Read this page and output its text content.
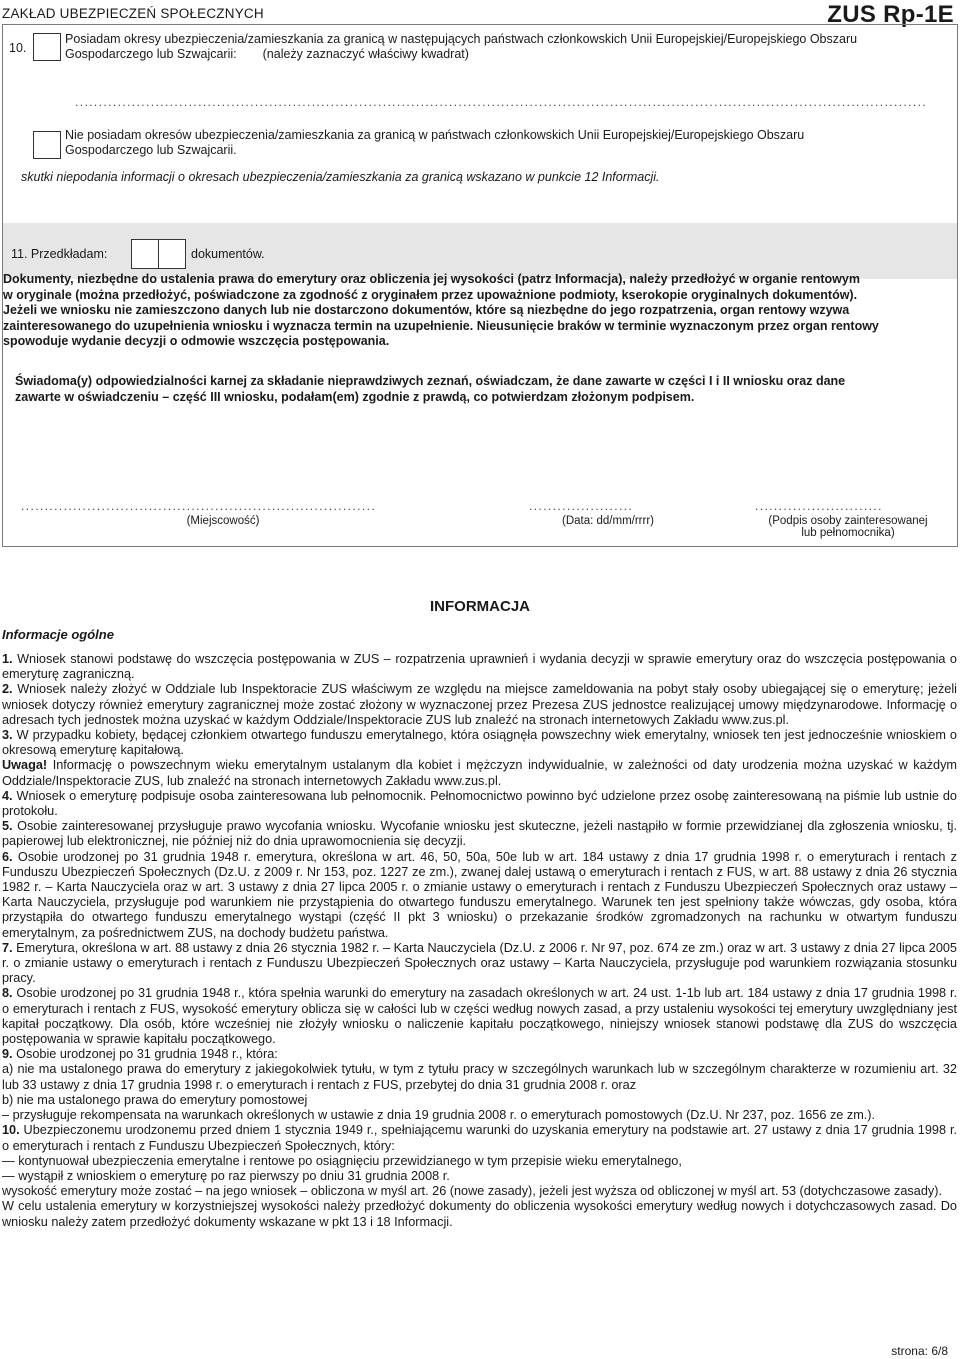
ZAKŁAD UBEZPIECZEŃ SPOŁECZNYCH	ZUS Rp-1E
10.
Posiadam okresy ubezpieczenia/zamieszkania za granicą w następujących państwach członkowskich Unii Europejskiej/Europejskiego Obszaru
Gospodarczego lub Szwajcarii: (należy zaznaczyć właściwy kwadrat)
....................................................................................................................................................................................
Nie posiadam okresów ubezpieczenia/zamieszkania za granicą w państwach członkowskich Unii Europejskiej/Europejskiego Obszaru
Gospodarczego lub Szwajcarii.
skutki niepodania informacji o okresach ubezpieczenia/zamieszkania za granicą wskazano w punkcie 12 Informacji.
11. Przedkładam:	dokumentów.
Dokumenty, niezbędne do ustalenia prawa do emerytury oraz obliczenia jej wysokości (patrz Informacja), należy przedłożyć w organie rentowym
w oryginale (można przedłożyć, poświadczone za zgodność z oryginałem przez upoważnione podmioty, kserokopie oryginalnych dokumentów).
Jeżeli we wniosku nie zamieszczono danych lub nie dostarczono dokumentów, które są niezbędne do jego rozpatrzenia, organ rentowy wzywa
zainteresowanego do uzupełnienia wniosku i wyznacza termin na uzupełnienie. Nieusunięcie braków w terminie wyznaczonym przez organ rentowy
spowoduje wydanie decyzji o odmowie wszczęcia postępowania.
Świadoma(y) odpowiedzialności karnej za składanie nieprawdziwych zeznań, oświadczam, że dane zawarte w części I i II wniosku oraz dane
zawarte w oświadczeniu – część III wniosku, podałam(em) zgodnie z prawdą, co potwierdzam złożonym podpisem.
...........................................................................
(Miejscowość)
......................
(Data: dd/mm/rrrr)
...........................
(Podpis osoby zainteresowanej
lub pełnomocnika)
INFORMACJA
Informacje ogólne

1. Wniosek stanowi podstawę do wszczęcia postępowania w ZUS – rozpatrzenia uprawnień i wydania decyzji w sprawie emerytury oraz do wszczęcia postępowania o emeryturę zagraniczną.

2. Wniosek należy złożyć w Oddziale lub Inspektoracie ZUS właściwym ze względu na miejsce zameldowania na pobyt stały osoby ubiegającej się o emeryturę; jeżeli wniosek dotyczy również emerytury zagranicznej może zostać złożony w wyznaczonej przez Prezesa ZUS jednostce realizującej umowy międzynarodowe. Informację o adresach tych jednostek można uzyskać w każdym Oddziale/Inspektoracie ZUS lub znaleźć na stronach internetowych Zakładu www.zus.pl.

3. W przypadku kobiety, będącej członkiem otwartego funduszu emerytalnego, która osiągnęła powszechny wiek emerytalny, wniosek ten jest jednocześnie wnioskiem o okresową emeryturę kapitałową.

Uwaga! Informację o powszechnym wieku emerytalnym ustalanym dla kobiet i mężczyzn indywidualnie, w zależności od daty urodzenia można uzyskać w każdym Oddziale/Inspektoracie ZUS, lub znaleźć na stronach internetowych Zakładu www.zus.pl.

4. Wniosek o emeryturę podpisuje osoba zainteresowana lub pełnomocnik. Pełnomocnictwo powinno być udzielone przez osobę zainteresowaną na piśmie lub ustnie do protokołu.

5. Osobie zainteresowanej przysługuje prawo wycofania wniosku. Wycofanie wniosku jest skuteczne, jeżeli nastąpiło w formie przewidzianej dla zgłoszenia wniosku, tj. papierowej lub elektronicznej, nie później niż do dnia uprawomocnienia się decyzji.

6. Osobie urodzonej po 31 grudnia 1948 r. emerytura, określona w art. 46, 50, 50a, 50e lub w art. 184 ustawy z dnia 17 grudnia 1998 r. o emeryturach i rentach z Funduszu Ubezpieczeń Społecznych (Dz.U. z 2009 r. Nr 153, poz. 1227 ze zm.), zwanej dalej ustawą o emeryturach i rentach z FUS, w art. 88 ustawy z dnia 26 stycznia 1982 r. – Karta Nauczyciela oraz w art. 3 ustawy z dnia 27 lipca 2005 r. o zmianie ustawy o emeryturach i rentach z Funduszu Ubezpieczeń Społecznych oraz ustawy – Karta Nauczyciela, przysługuje pod warunkiem nie przystąpienia do otwartego funduszu emerytalnego. Warunek ten jest spełniony także wówczas, gdy osoba, która przystąpiła do otwartego funduszu emerytalnego wystąpi (część II pkt 3 wniosku) o przekazanie środków zgromadzonych na rachunku w otwartym funduszu emerytalnym, za pośrednictwem ZUS, na dochody budżetu państwa.

7. Emerytura, określona w art. 88 ustawy z dnia 26 stycznia 1982 r. – Karta Nauczyciela (Dz.U. z 2006 r. Nr 97, poz. 674 ze zm.) oraz w art. 3 ustawy z dnia 27 lipca 2005 r. o zmianie ustawy o emeryturach i rentach z Funduszu Ubezpieczeń Społecznych oraz ustawy – Karta Nauczyciela, przysługuje pod warunkiem rozwiązania stosunku pracy.

8. Osobie urodzonej po 31 grudnia 1948 r., która spełnia warunki do emerytury na zasadach określonych w art. 24 ust. 1-1b lub art. 184 ustawy z dnia 17 grudnia 1998 r. o emeryturach i rentach z FUS, wysokość emerytury oblicza się w całości lub w części według nowych zasad, a przy ustaleniu wysokości tej emerytury uwzględniany jest kapitał początkowy. Dla osób, które wcześniej nie złożyły wniosku o naliczenie kapitału początkowego, niniejszy wniosek stanowi podstawę dla ZUS do wszczęcia postępowania w sprawie kapitału początkowego.

9. Osobie urodzonej po 31 grudnia 1948 r., która:

a) nie ma ustalonego prawa do emerytury z jakiegokolwiek tytułu, w tym z tytułu pracy w szczególnych warunkach lub w szczególnym charakterze w rozumieniu art. 32 lub 33 ustawy z dnia 17 grudnia 1998 r. o emeryturach i rentach z FUS, przebytej do dnia 31 grudnia 2008 r. oraz

b) nie ma ustalonego prawa do emerytury pomostowej

– przysługuje rekompensata na warunkach określonych w ustawie z dnia 19 grudnia 2008 r. o emeryturach pomostowych (Dz.U. Nr 237, poz. 1656 ze zm.).

10. Ubezpieczonemu urodzonemu przed dniem 1 stycznia 1949 r., spełniającemu warunki do uzyskania emerytury na podstawie art. 27 ustawy z dnia 17 grudnia 1998 r. o emeryturach i rentach z Funduszu Ubezpieczeń Społecznych, który:

— kontynuował ubezpieczenia emerytalne i rentowe po osiągnięciu przewidzianego w tym przepisie wieku emerytalnego,

— wystąpił z wnioskiem o emeryturę po raz pierwszy po dniu 31 grudnia 2008 r.

wysokość emerytury może zostać – na jego wniosek – obliczona w myśl art. 26 (nowe zasady), jeżeli jest wyższa od obliczonej w myśl art. 53 (dotychczasowe zasady).

W celu ustalenia emerytury w korzystniejszej wysokości należy przedłożyć dokumenty do obliczenia wysokości emerytury według nowych i dotychczasowych zasad. Do wniosku należy zatem przedłożyć dokumenty wskazane w pkt 13 i 18 Informacji.

strona: 6/8
